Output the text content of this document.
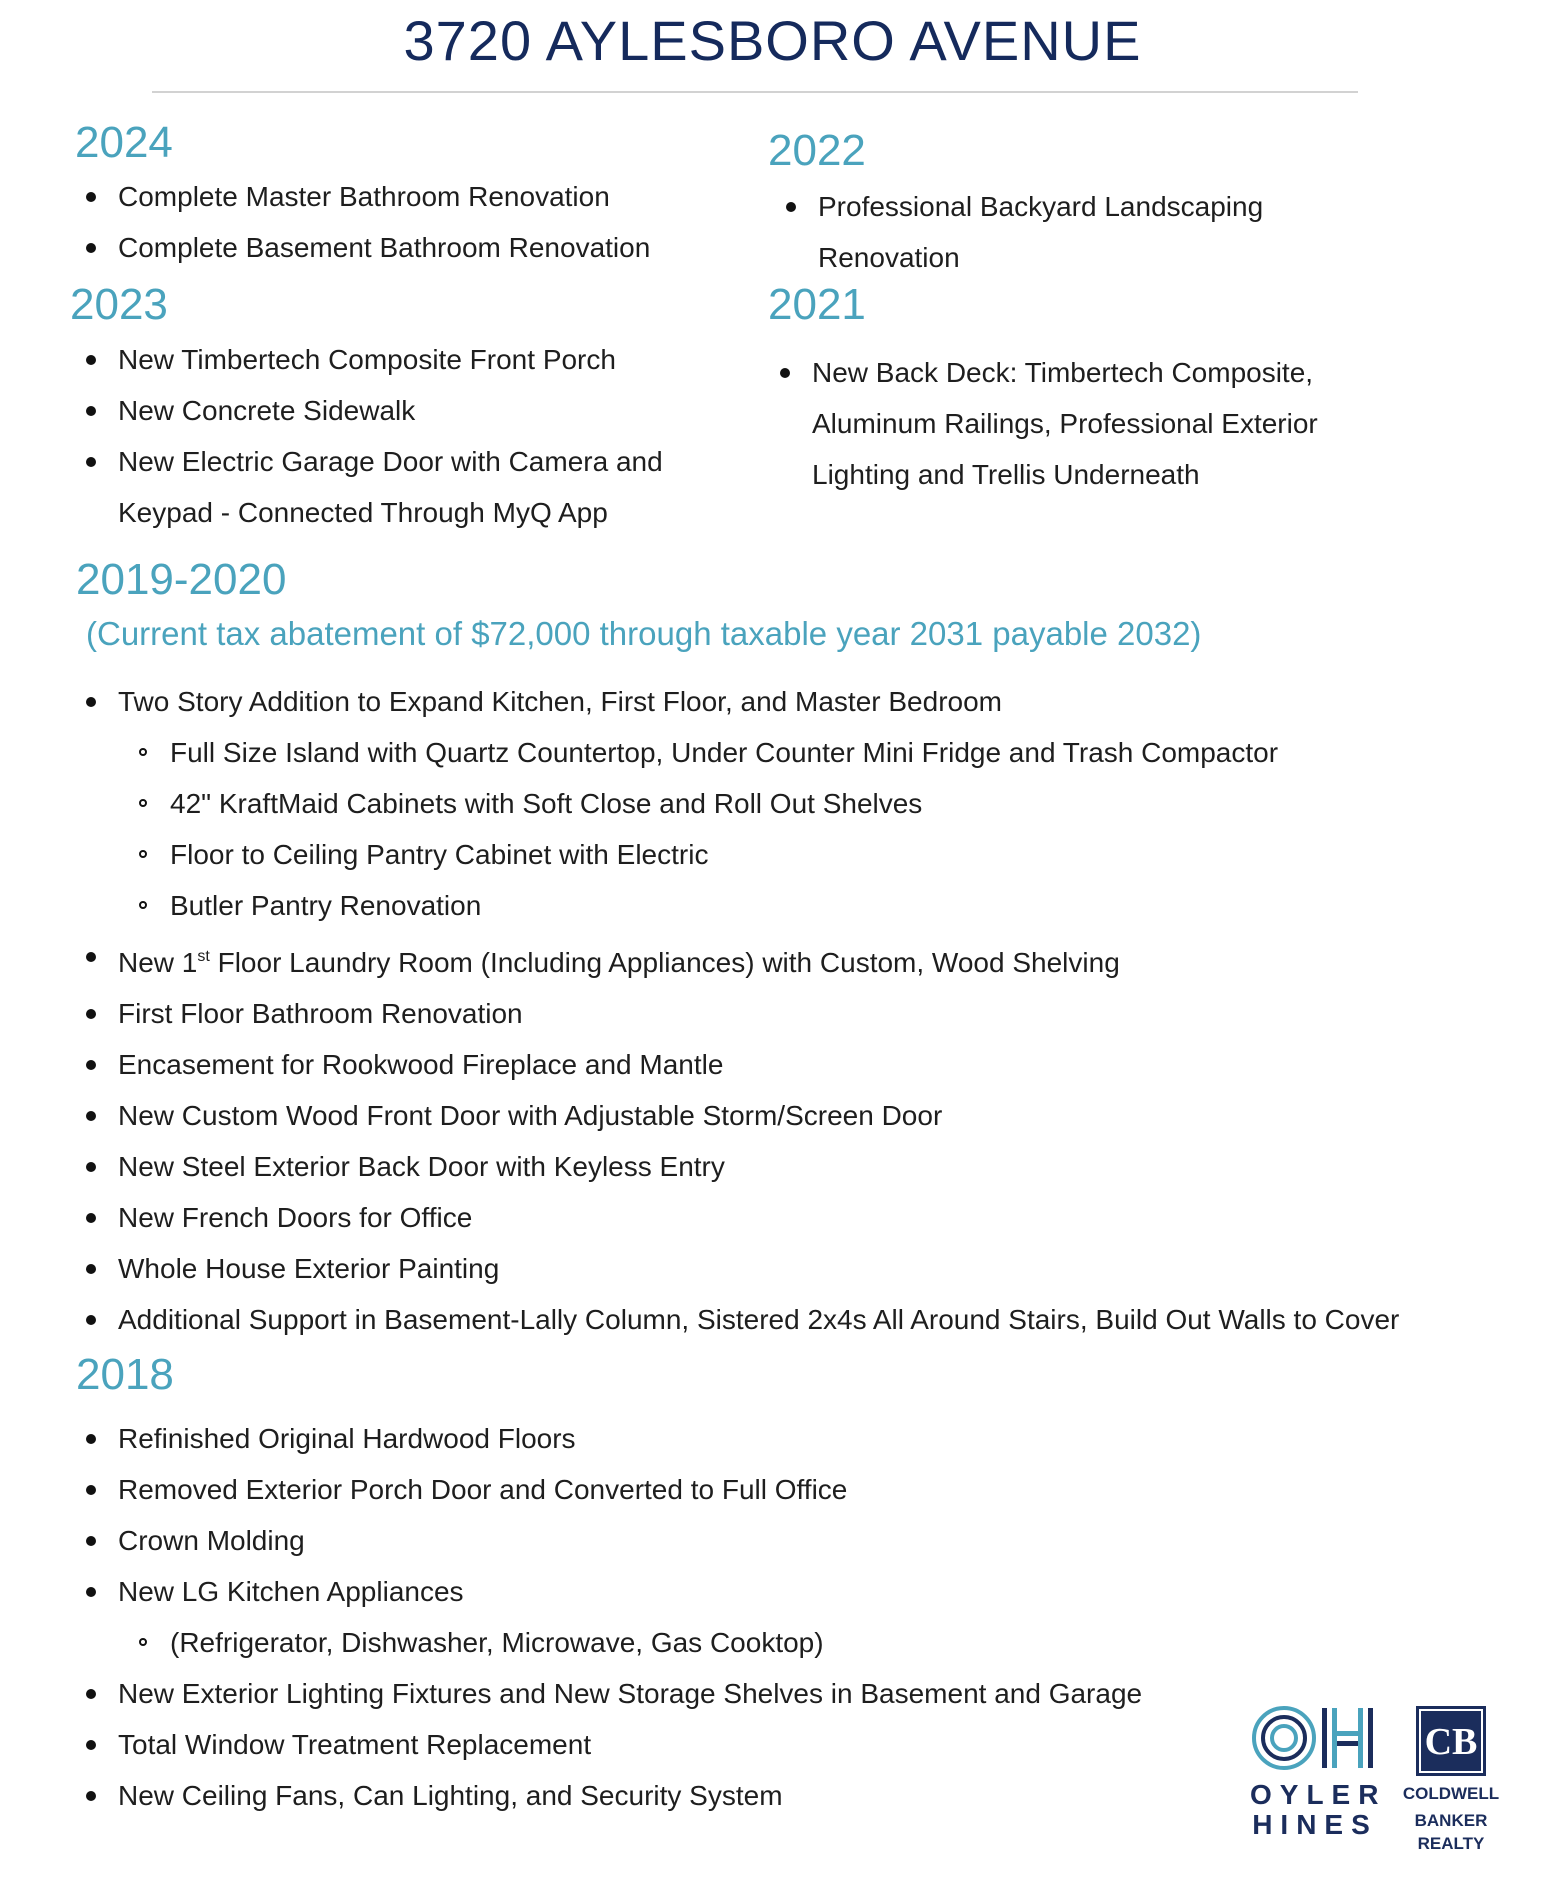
3720 AYLESBORO AVENUE
2024
Complete Master Bathroom Renovation
Complete Basement Bathroom Renovation
2022
Professional Backyard Landscaping
Renovation
2023
New Timbertech Composite Front Porch
New Concrete Sidewalk
New Electric Garage Door with Camera and
Keypad - Connected Through MyQ App
2021
New Back Deck: Timbertech Composite,
Aluminum Railings, Professional Exterior
Lighting and Trellis Underneath
2019-2020

(Current tax abatement of $72,000 through taxable year 2031 payable 2032)

Two Story Addition to Expand Kitchen, First Floor, and Master Bedroom
Full Size Island with Quartz Countertop, Under Counter Mini Fridge and Trash Compactor
42" KraftMaid Cabinets with Soft Close and Roll Out Shelves
Floor to Ceiling Pantry Cabinet with Electric
Butler Pantry Renovation
New 1st Floor Laundry Room (Including Appliances) with Custom, Wood Shelving
First Floor Bathroom Renovation
Encasement for Rookwood Fireplace and Mantle
New Custom Wood Front Door with Adjustable Storm/Screen Door
New Steel Exterior Back Door with Keyless Entry
New French Doors for Office
Whole House Exterior Painting
Additional Support in Basement-Lally Column, Sistered 2x4s All Around Stairs, Build Out Walls to Cover
2018
Refinished Original Hardwood Floors
Removed Exterior Porch Door and Converted to Full Office
Crown Molding
New LG Kitchen Appliances
(Refrigerator, Dishwasher, Microwave, Gas Cooktop)
New Exterior Lighting Fixtures and New Storage Shelves in Basement and Garage
Total Window Treatment Replacement
New Ceiling Fans, Can Lighting, and Security System	OYLER
HINES
CB
COLDWELL
BANKER
REALTY
